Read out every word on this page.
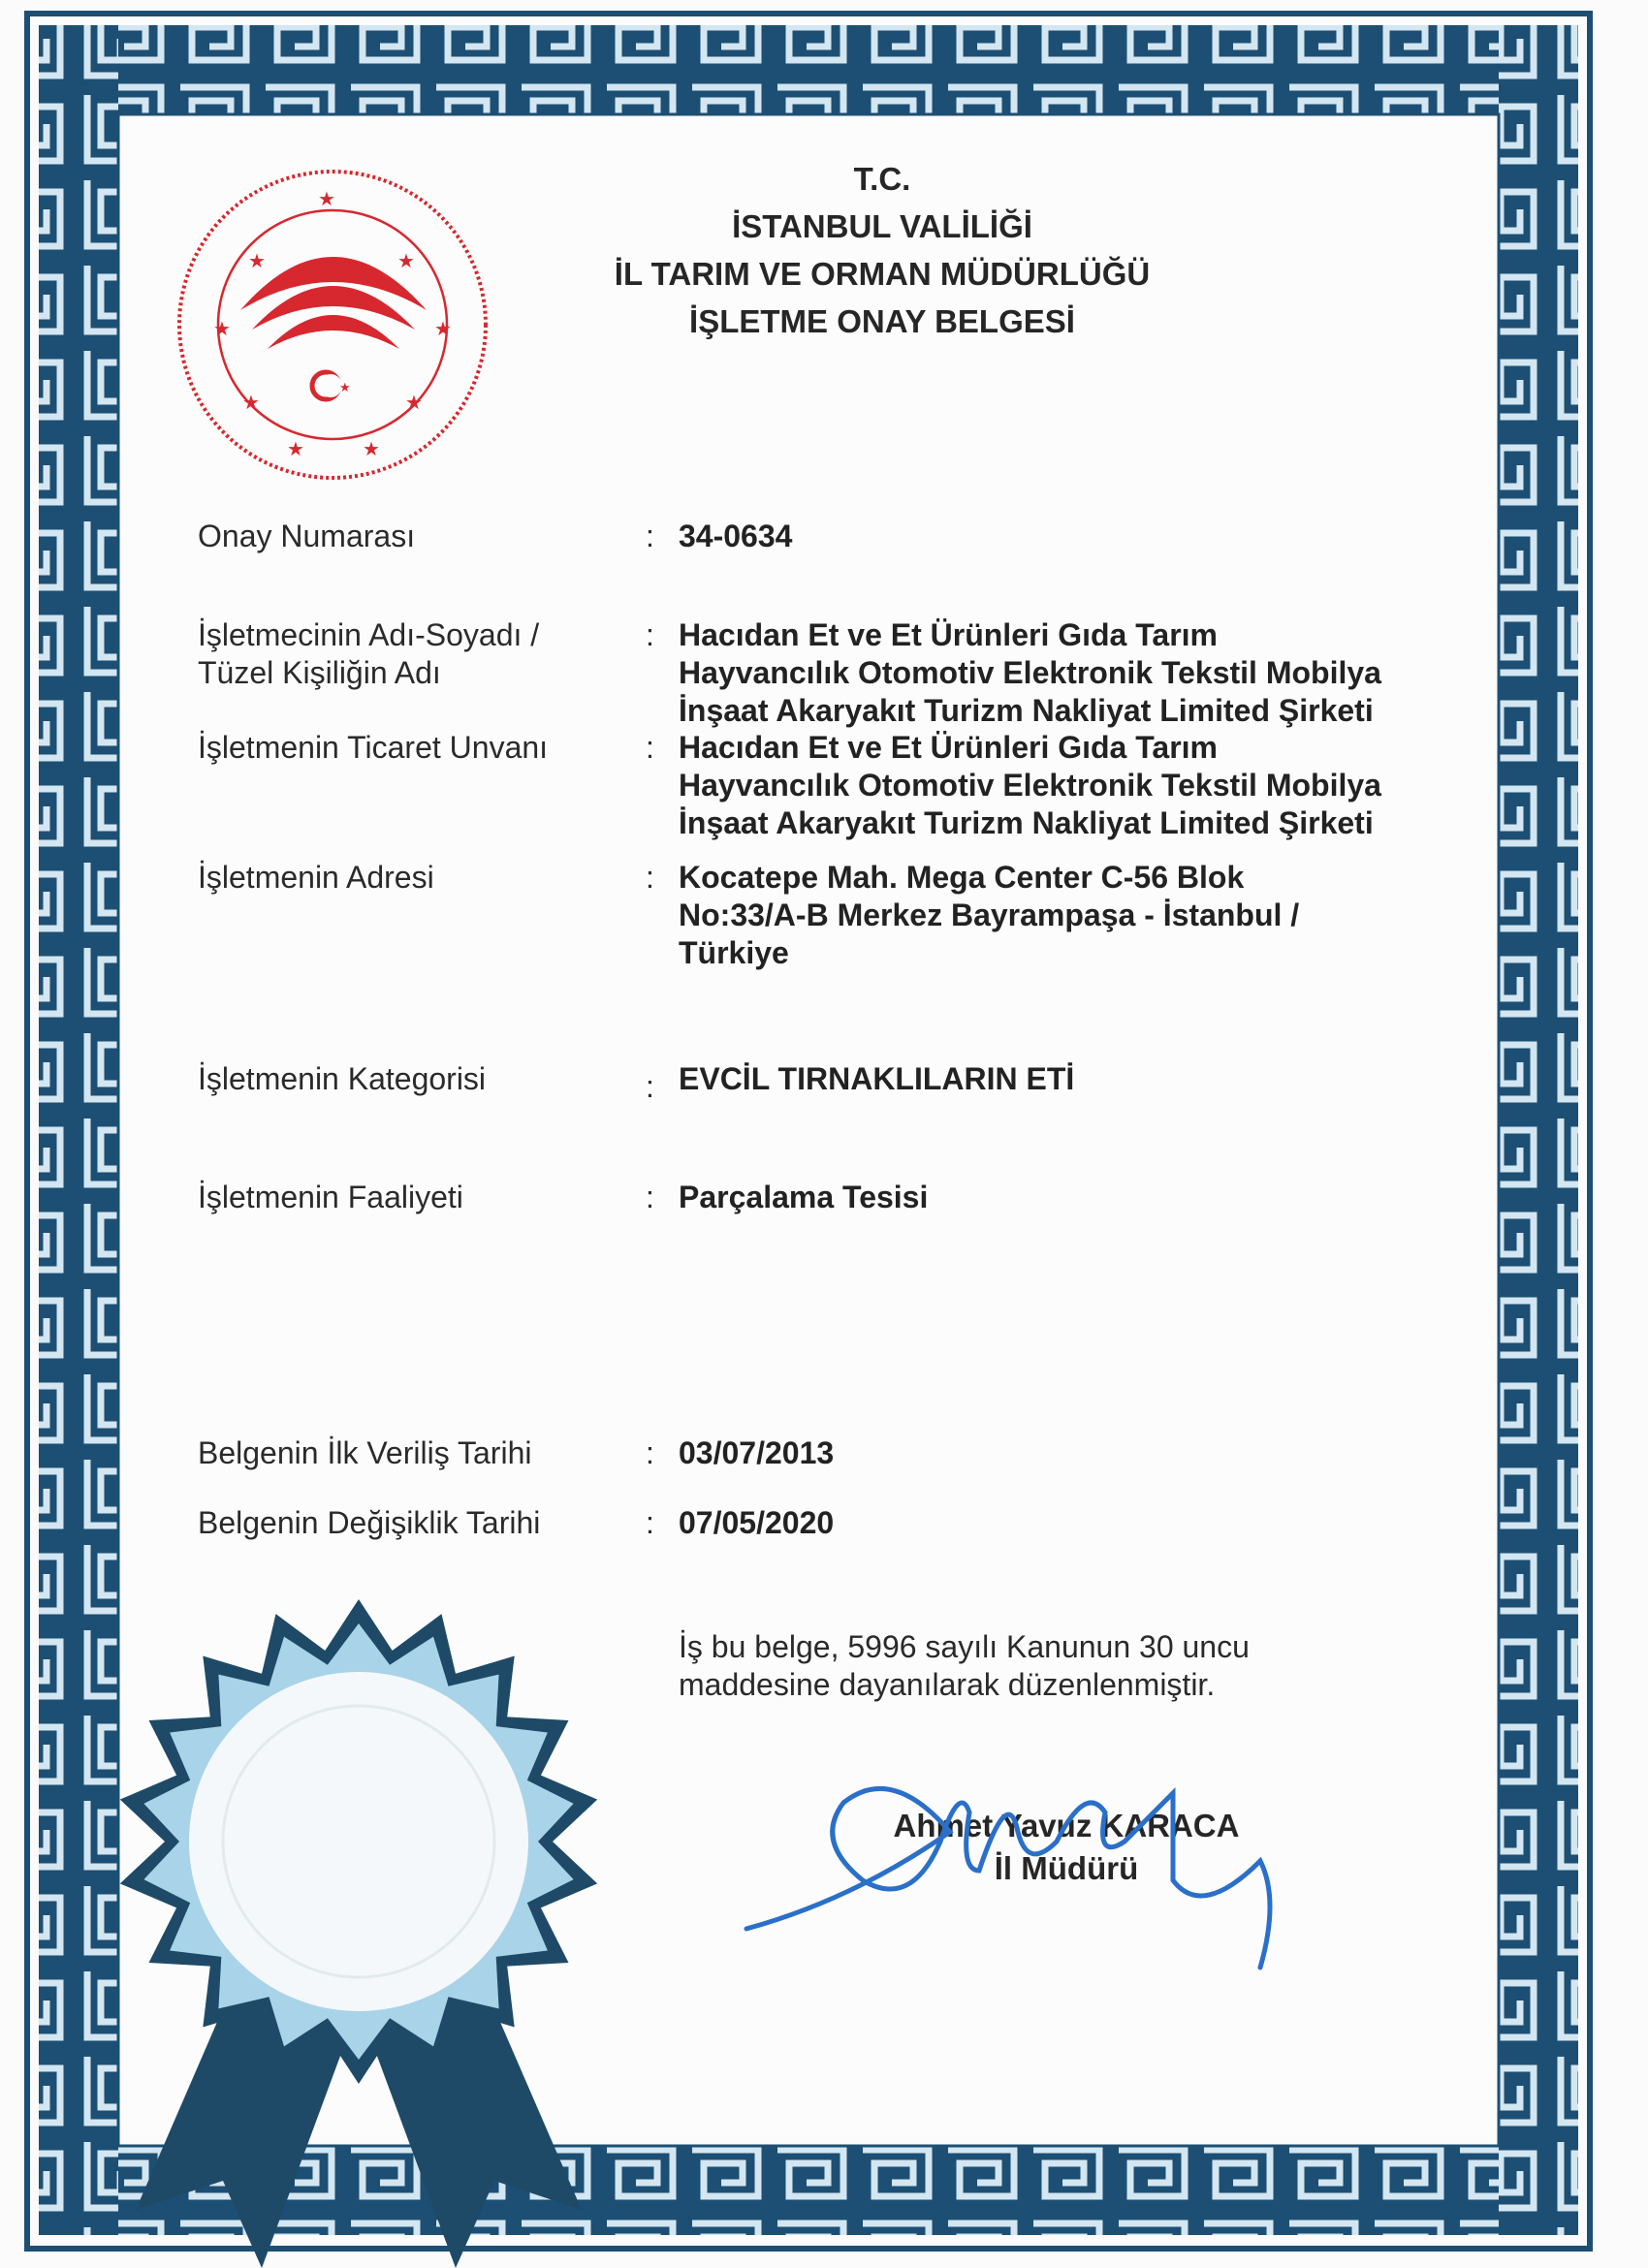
★	★
★	★
★	★
★
★	★
★
T.C.
İSTANBUL VALİLİĞİ
İL TARIM VE ORMAN MÜDÜRLÜĞÜ
İŞLETME ONAY BELGESİ
Onay Numarası	: 34-0634
İşletmecinin Adı-Soyadı /
Tüzel Kişiliğin Adı
: Hacıdan Et ve Et Ürünleri Gıda Tarım
Hayvancılık Otomotiv Elektronik Tekstil Mobilya
İnşaat Akaryakıt Turizm Nakliyat Limited Şirketi
İşletmenin Ticaret Unvanı	: Hacıdan Et ve Et Ürünleri Gıda Tarım
Hayvancılık Otomotiv Elektronik Tekstil Mobilya
İnşaat Akaryakıt Turizm Nakliyat Limited Şirketi
İşletmenin Adresi	: Kocatepe Mah. Mega Center C-56 Blok
No:33/A-B Merkez Bayrampaşa - İstanbul /
Türkiye
İşletmenin Kategorisi	: EVCİL TIRNAKLILARIN ETİ
İşletmenin Faaliyeti	: Parçalama Tesisi
Belgenin İlk Veriliş Tarihi	: 03/07/2013
Belgenin Değişiklik Tarihi	: 07/05/2020
İş bu belge, 5996 sayılı Kanunun 30 uncu
maddesine dayanılarak düzenlenmiştir.
Ahmet Yavuz KARACA
İl Müdürü
